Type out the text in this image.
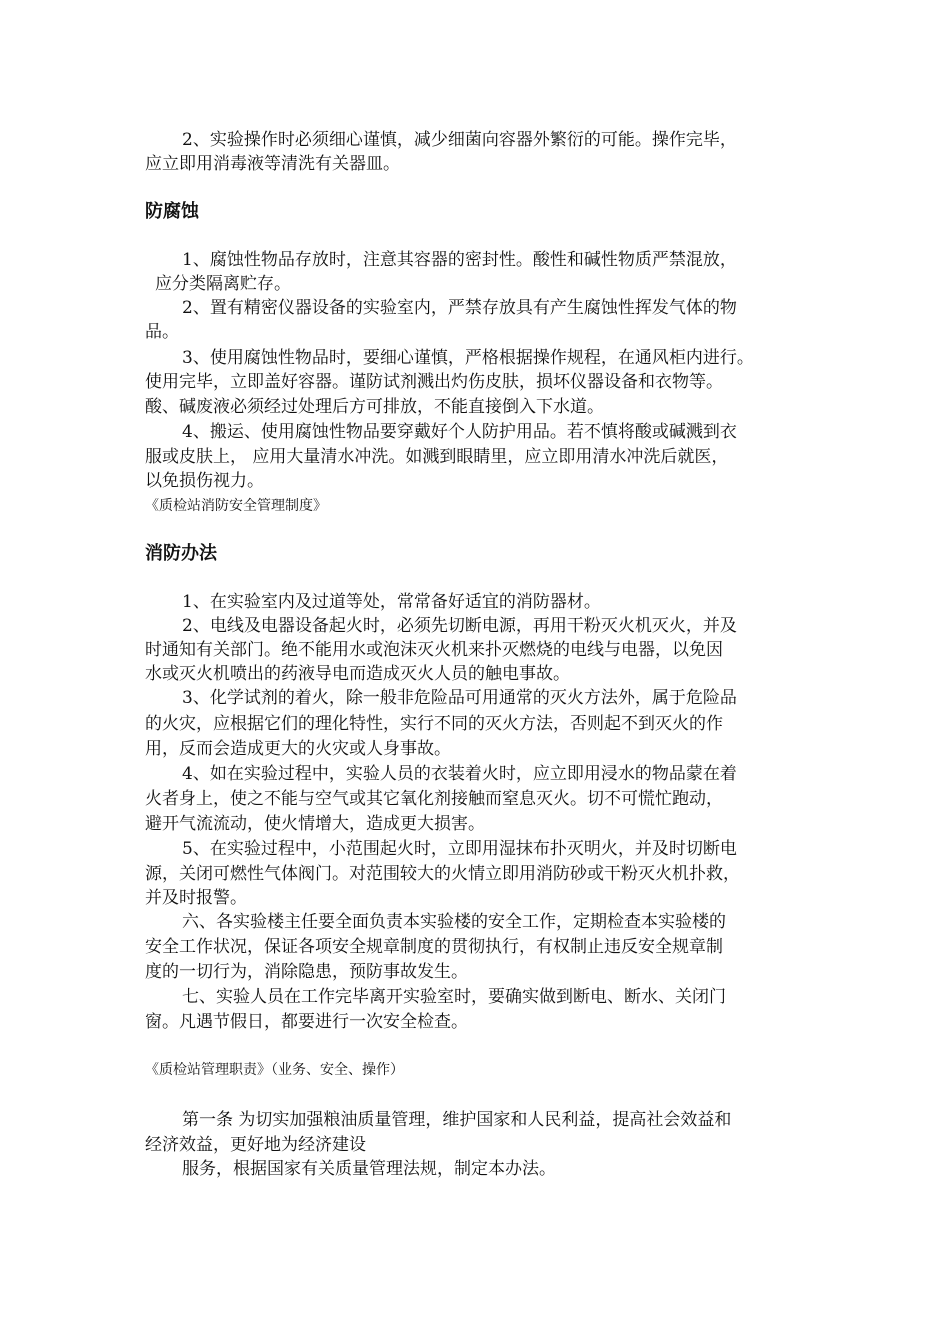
2、实验操作时必须细心谨慎，减少细菌向容器外繁衍的可能。操作完毕，
应立即用消毒液等清洗有关器皿。
防腐蚀
1、腐蚀性物品存放时，注意其容器的密封性。酸性和碱性物质严禁混放，
应分类隔离贮存。
2、置有精密仪器设备的实验室内，严禁存放具有产生腐蚀性挥发气体的物
品。
3、使用腐蚀性物品时，要细心谨慎，严格根据操作规程，在通风柜内进行。
使用完毕，立即盖好容器。谨防试剂溅出灼伤皮肤，损坏仪器设备和衣物等。
酸、碱废液必须经过处理后方可排放，不能直接倒入下水道。
4、搬运、使用腐蚀性物品要穿戴好个人防护用品。若不慎将酸或碱溅到衣
服或皮肤上， 应用大量清水冲洗。如溅到眼睛里，应立即用清水冲洗后就医，
以免损伤视力。
《质检站消防安全管理制度》
消防办法
1、在实验室内及过道等处，常常备好适宜的消防器材。
2、电线及电器设备起火时，必须先切断电源，再用干粉灭火机灭火，并及
时通知有关部门。绝不能用水或泡沫灭火机来扑灭燃烧的电线与电器，以免因
水或灭火机喷出的药液导电而造成灭火人员的触电事故。
3、化学试剂的着火，除一般非危险品可用通常的灭火方法外，属于危险品
的火灾，应根据它们的理化特性，实行不同的灭火方法，否则起不到灭火的作
用，反而会造成更大的火灾或人身事故。
4、如在实验过程中，实验人员的衣装着火时，应立即用浸水的物品蒙在着
火者身上，使之不能与空气或其它氧化剂接触而窒息灭火。切不可慌忙跑动，
避开气流流动，使火情增大，造成更大损害。
5、在实验过程中，小范围起火时，立即用湿抹布扑灭明火，并及时切断电
源，关闭可燃性气体阀门。对范围较大的火情立即用消防砂或干粉灭火机扑救，
并及时报警。
六、各实验楼主任要全面负责本实验楼的安全工作，定期检查本实验楼的
安全工作状况，保证各项安全规章制度的贯彻执行，有权制止违反安全规章制
度的一切行为，消除隐患，预防事故发生。
七、实验人员在工作完毕离开实验室时，要确实做到断电、断水、关闭门
窗。凡遇节假日，都要进行一次安全检查。
《质检站管理职责》（业务、安全、操作）
第一条 为切实加强粮油质量管理，维护国家和人民利益，提高社会效益和
经济效益，更好地为经济建设
服务，根据国家有关质量管理法规，制定本办法。
